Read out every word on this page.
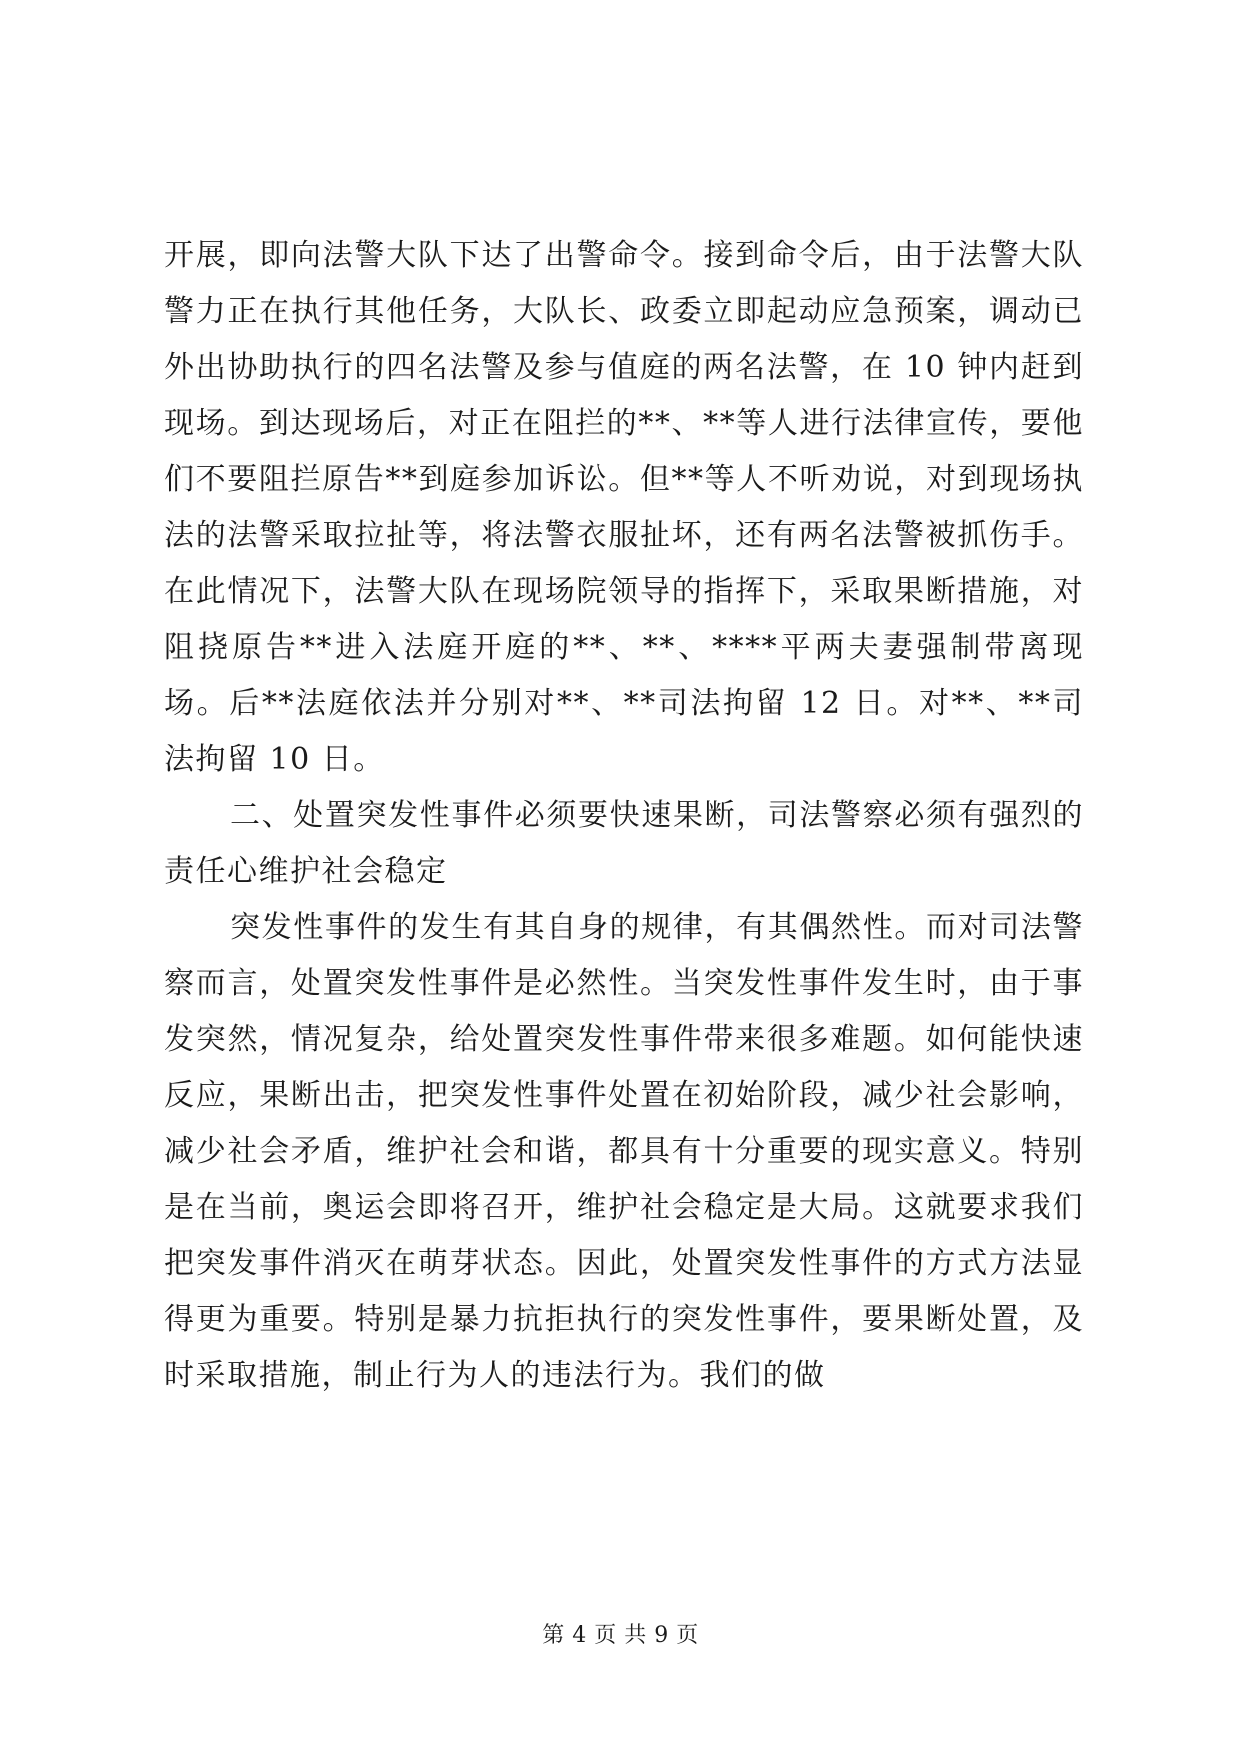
开展，即向法警大队下达了出警命令。接到命令后，由于法警大队警力正在执行其他任务，大队长、政委立即起动应急预案，调动已外出协助执行的四名法警及参与值庭的两名法警，在 10 钟内赶到现场。到达现场后，对正在阻拦的**、**等人进行法律宣传，要他们不要阻拦原告**到庭参加诉讼。但**等人不听劝说，对到现场执法的法警采取拉扯等，将法警衣服扯坏，还有两名法警被抓伤手。在此情况下，法警大队在现场院领导的指挥下，采取果断措施，对阻挠原告**进入法庭开庭的**、**、****平两夫妻强制带离现场。后**法庭依法并分别对**、**司法拘留 12 日。对**、**司法拘留 10 日。

二、处置突发性事件必须要快速果断，司法警察必须有强烈的责任心维护社会稳定

突发性事件的发生有其自身的规律，有其偶然性。而对司法警察而言，处置突发性事件是必然性。当突发性事件发生时，由于事发突然，情况复杂，给处置突发性事件带来很多难题。如何能快速反应，果断出击，把突发性事件处置在初始阶段，减少社会影响，减少社会矛盾，维护社会和谐，都具有十分重要的现实意义。特别是在当前，奥运会即将召开，维护社会稳定是大局。这就要求我们把突发事件消灭在萌芽状态。因此，处置突发性事件的方式方法显得更为重要。特别是暴力抗拒执行的突发性事件，要果断处置，及时采取措施，制止行为人的违法行为。我们的做

第 4 页 共 9 页
